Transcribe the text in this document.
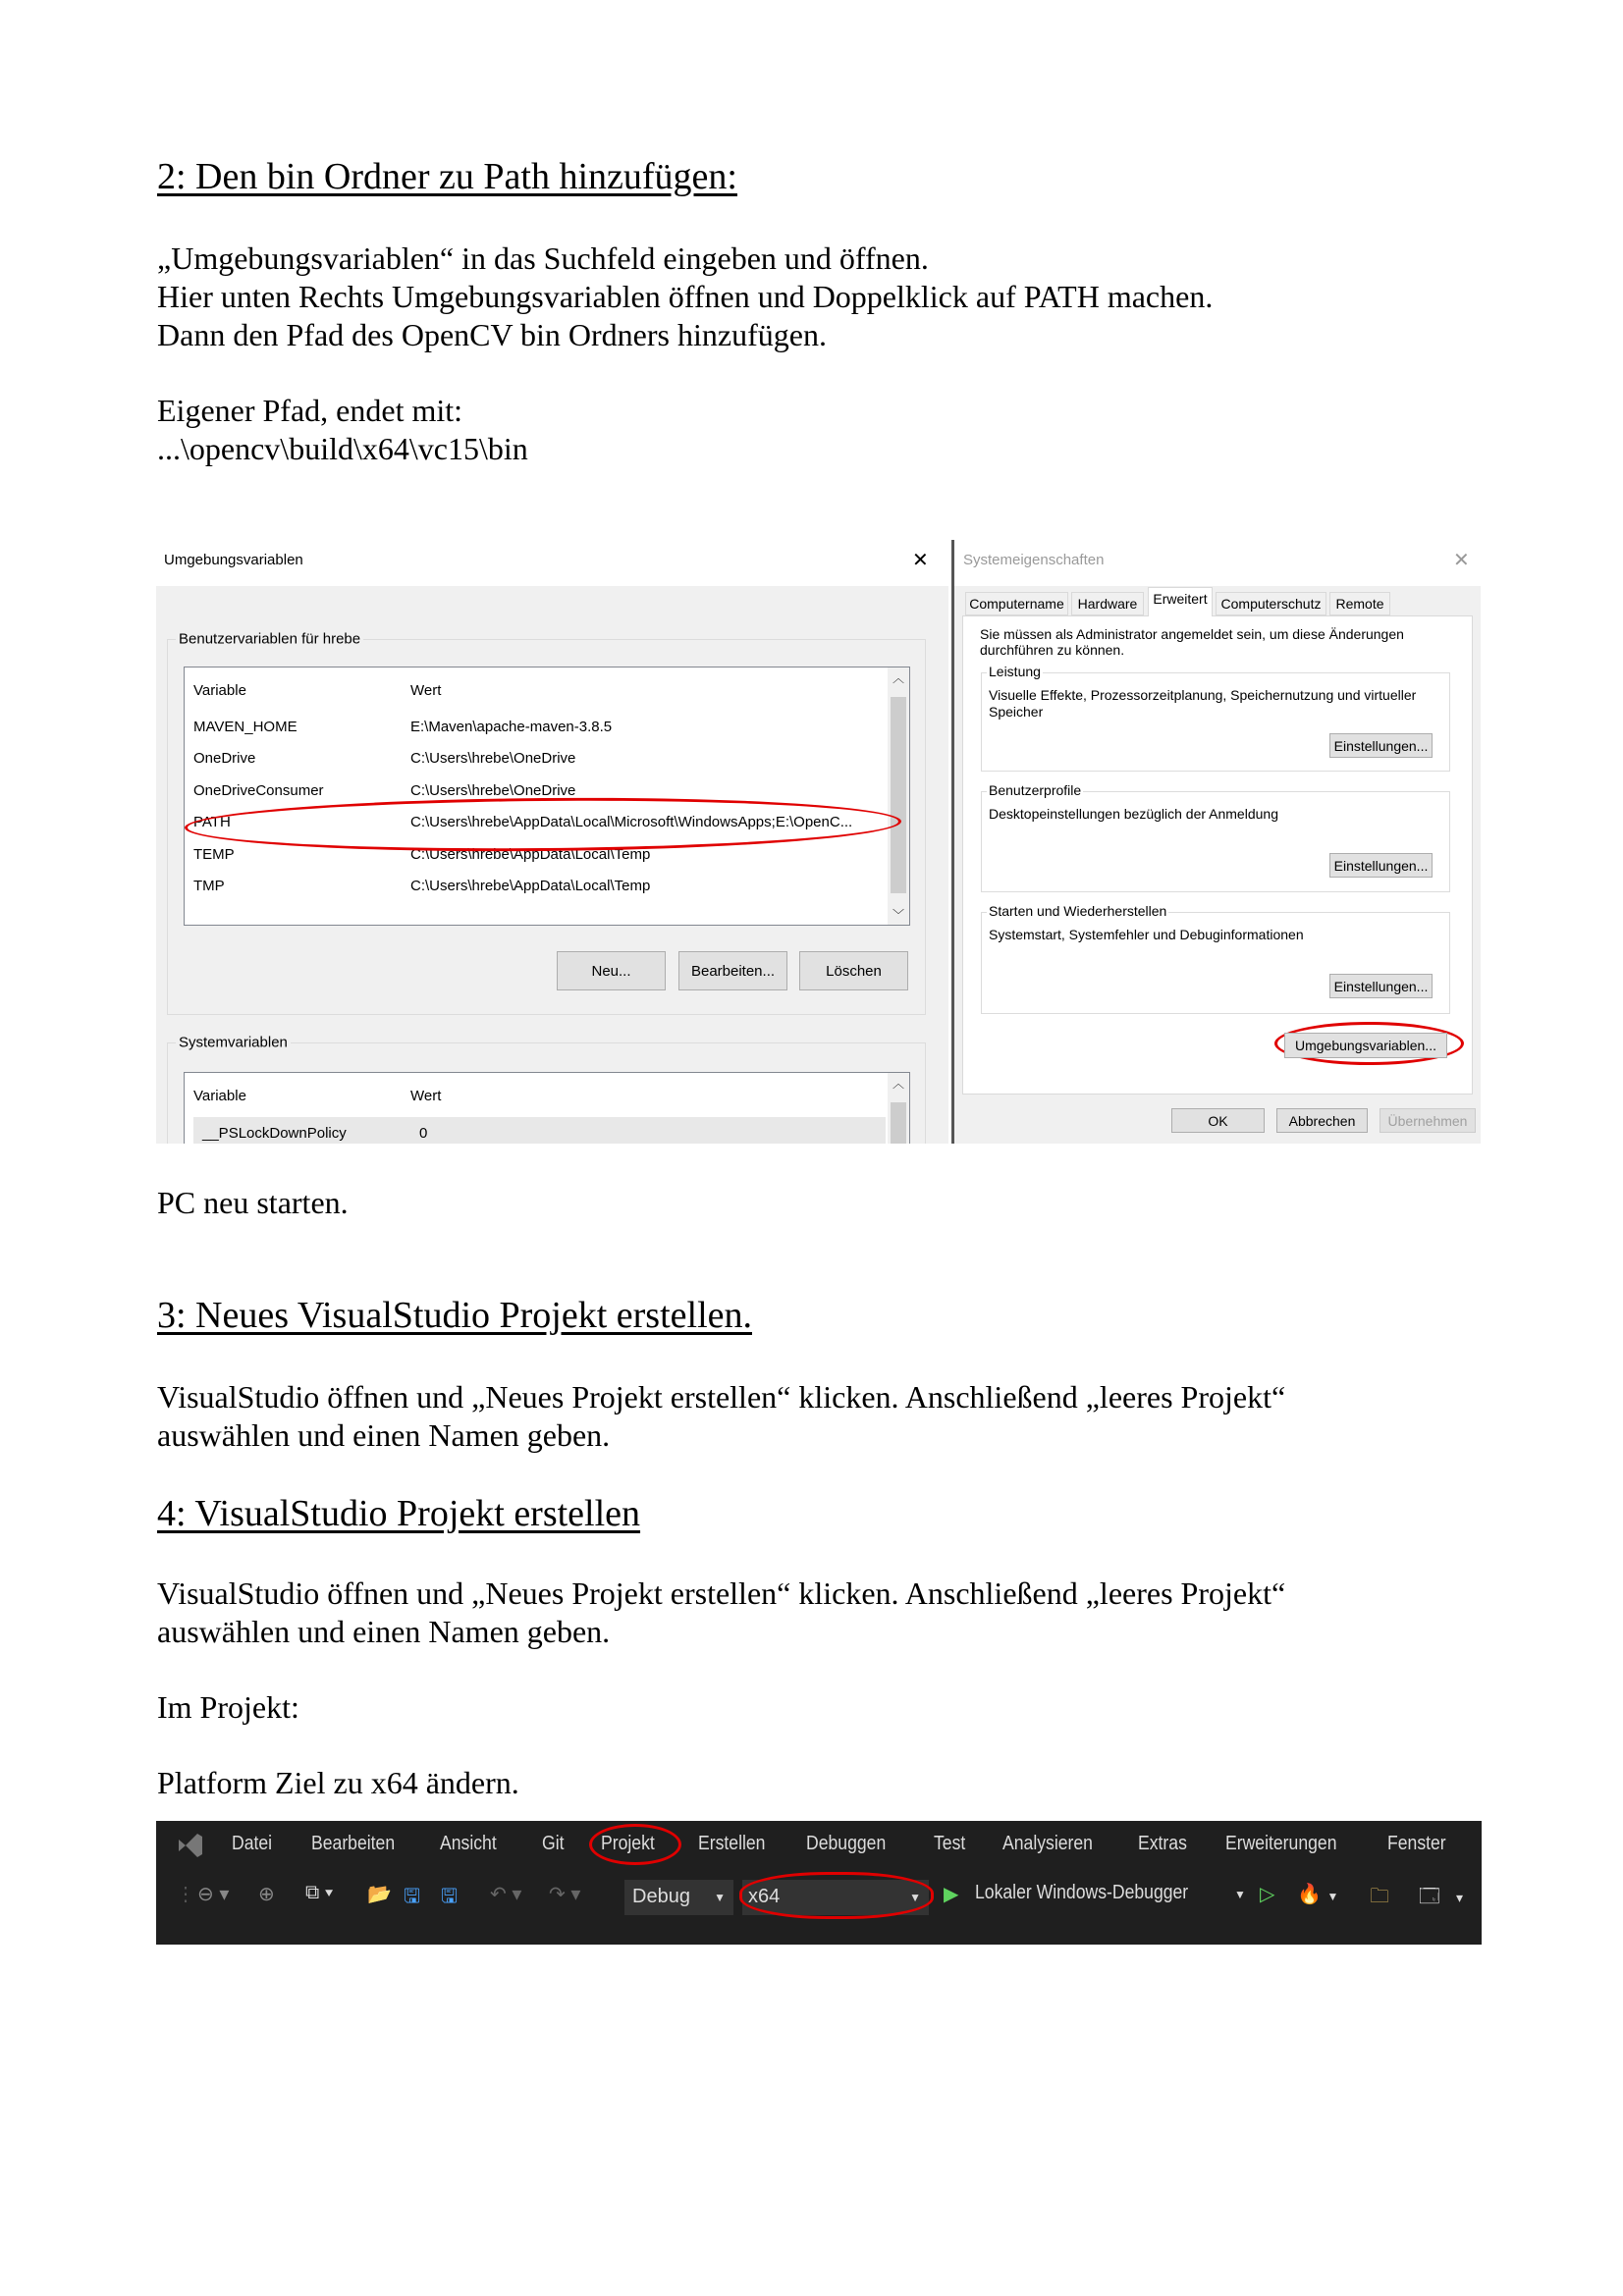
2: Den bin Ordner zu Path hinzufügen:
„Umgebungsvariablen“ in das Suchfeld eingeben und öffnen.
Hier unten Rechts Umgebungsvariablen öffnen und Doppelklick auf PATH machen.
Dann den Pfad des OpenCV bin Ordners hinzufügen.
Eigener Pfad, endet mit:
...\opencv\build\x64\vc15\bin
Umgebungsvariablen	✕
Benutzervariablen für hrebe
Variable	Wert
MAVEN_HOME	E:\Maven\apache-maven-3.8.5
OneDrive	C:\Users\hrebe\OneDrive
OneDriveConsumer	C:\Users\hrebe\OneDrive
PATH	C:\Users\hrebe\AppData\Local\Microsoft\WindowsApps;E:\OpenC...
TEMP	C:\Users\hrebe\AppData\Local\Temp
TMP	C:\Users\hrebe\AppData\Local\Temp
︿
﹀
Neu...	Bearbeiten...	Löschen
Systemvariablen
Variable	Wert
__PSLockDownPolicy	0
︿
Systemeigenschaften	✕
Computername Hardware	Erweitert Computerschutz	Remote
Sie müssen als Administrator angemeldet sein, um diese Änderungen
durchführen zu können.
Leistung
Visuelle Effekte, Prozessorzeitplanung, Speichernutzung und virtueller
Speicher
Einstellungen...
Benutzerprofile
Desktopeinstellungen bezüglich der Anmeldung
Einstellungen...
Starten und Wiederherstellen
Systemstart, Systemfehler und Debuginformationen
Einstellungen...
Umgebungsvariablen...
OK	Abbrechen	Übernehmen
PC neu starten.
3: Neues VisualStudio Projekt erstellen.
VisualStudio öffnen und „Neues Projekt erstellen“ klicken. Anschließend „leeres Projekt“
auswählen und einen Namen geben.
4: VisualStudio Projekt erstellen
VisualStudio öffnen und „Neues Projekt erstellen“ klicken. Anschließend „leeres Projekt“
auswählen und einen Namen geben.
Im Projekt:
Platform Ziel zu x64 ändern.
Datei Bearbeiten Ansicht Git Projekt Erstellen Debuggen Test Analysieren Extras Erweiterungen	Fenster
⋮ ⊖ ▾ ⊕ ⧉ ▾ 📂 🖫 🖫 ↶ ▾ ↷ ▾	Debug ▼	x64	▼ ▶ Lokaler Windows-Debugger	▼ ▷ 🔥 ▼ 🗀 🗔 ▾
